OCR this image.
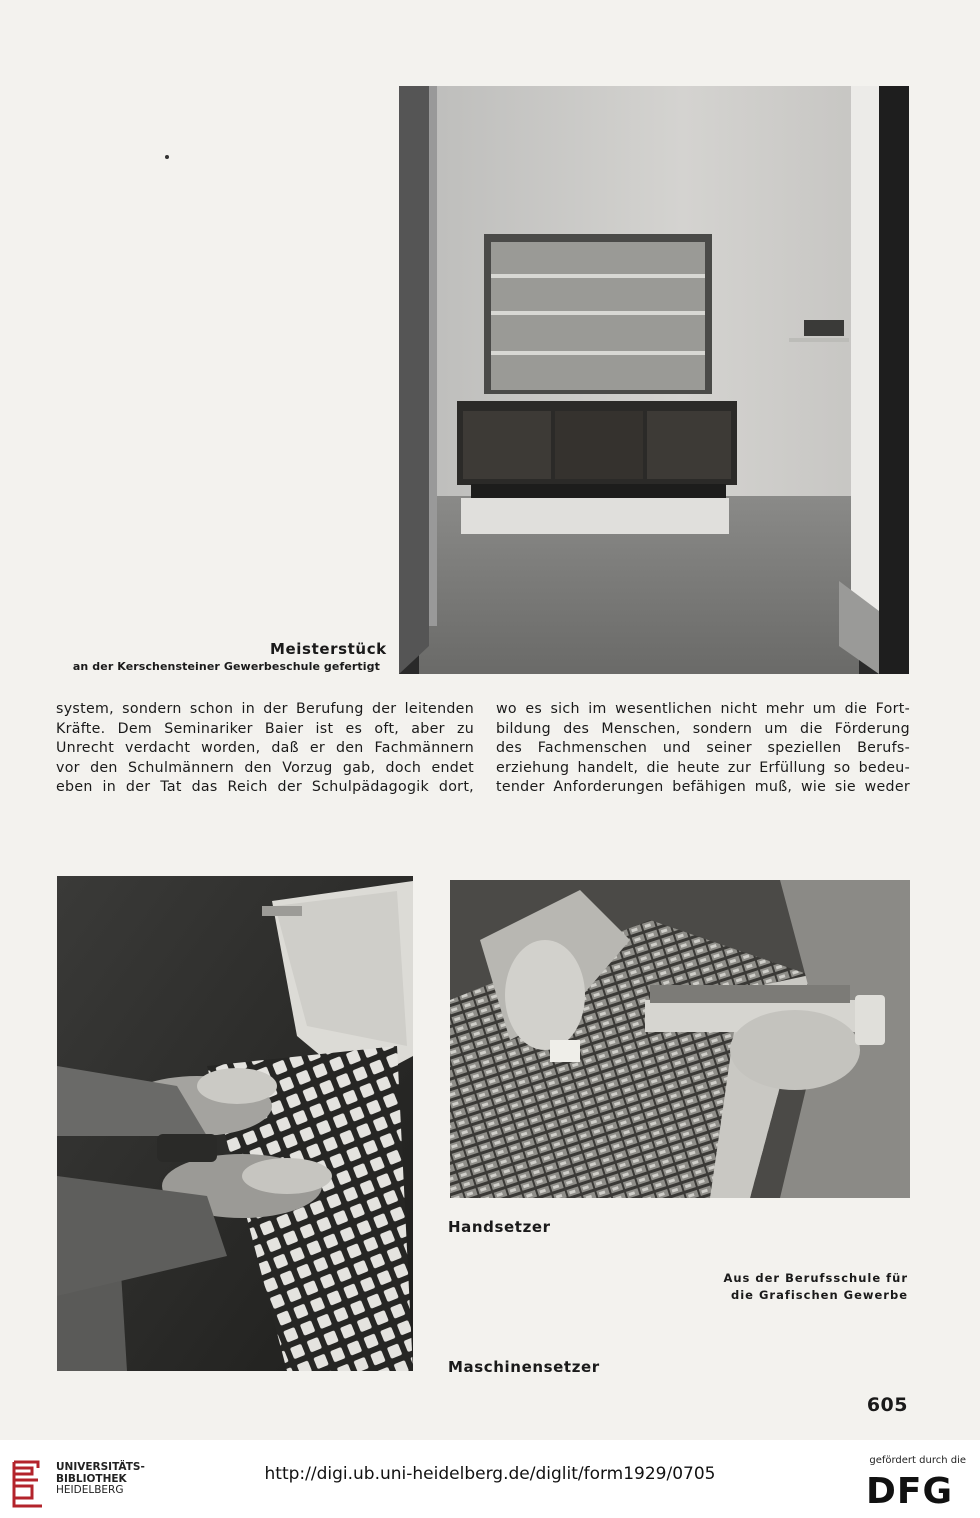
Meisterstück
an der Kerschensteiner Gewerbeschule gefertigt
system, sondern schon in der Berufung der leitenden
Kräfte. Dem Seminariker Baier ist es oft, aber zu
Unrecht verdacht worden, daß er den Fachmännern
vor den Schulmännern den Vorzug gab, doch endet
eben in der Tat das Reich der Schulpädagogik dort,
wo es sich im wesentlichen nicht mehr um die Fort-
bildung des Menschen, sondern um die Förderung
des Fachmenschen und seiner speziellen Berufs-
erziehung handelt, die heute zur Erfüllung so bedeu-
tender Anforderungen befähigen muß, wie sie weder
Handsetzer
Aus der Berufsschule für
die Grafischen Gewerbe
Maschinensetzer
605
UNIVERSITÄTS-
BIBLIOTHEK
HEIDELBERG
http://digi.ub.uni-heidelberg.de/diglit/form1929/0705
gefördert durch die
DFG
